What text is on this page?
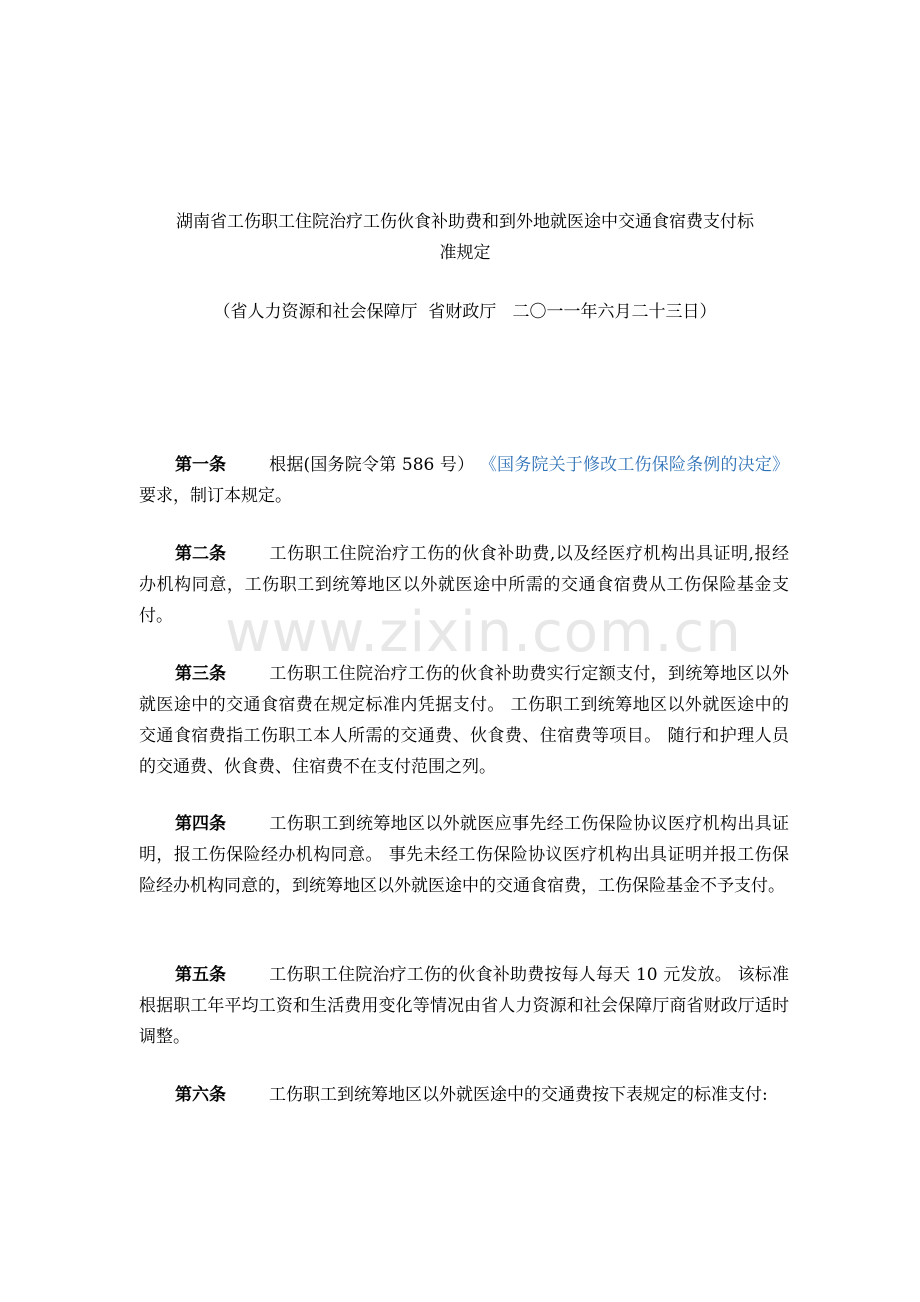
湖南省工伤职工住院治疗工伤伙食补助费和到外地就医途中交通食宿费支付标
准规定
（省人力资源和社会保障厅  省财政厅   二〇一一年六月二十三日）
第一条	根据(国务院令第 586 号） 《国务院关于修改工伤保险条例的决定》 要求，制订本规定。
第二条	工伤职工住院治疗工伤的伙食补助费,以及经医疗机构出具证明,报经办机构同意，工伤职工到统筹地区以外就医途中所需的交通食宿费从工伤保险基金支付。
第三条	工伤职工住院治疗工伤的伙食补助费实行定额支付，到统筹地区以外就医途中的交通食宿费在规定标准内凭据支付。 工伤职工到统筹地区以外就医途中的交通食宿费指工伤职工本人所需的交通费、伙食费、住宿费等项目。 随行和护理人员的交通费、伙食费、住宿费不在支付范围之列。
第四条	工伤职工到统筹地区以外就医应事先经工伤保险协议医疗机构出具证明，报工伤保险经办机构同意。 事先未经工伤保险协议医疗机构出具证明并报工伤保险经办机构同意的，到统筹地区以外就医途中的交通食宿费，工伤保险基金不予支付。
第五条	工伤职工住院治疗工伤的伙食补助费按每人每天 10 元发放。 该标准根据职工年平均工资和生活费用变化等情况由省人力资源和社会保障厅商省财政厅适时调整。
第六条	工伤职工到统筹地区以外就医途中的交通费按下表规定的标准支付:
www.zixin.com.cn
